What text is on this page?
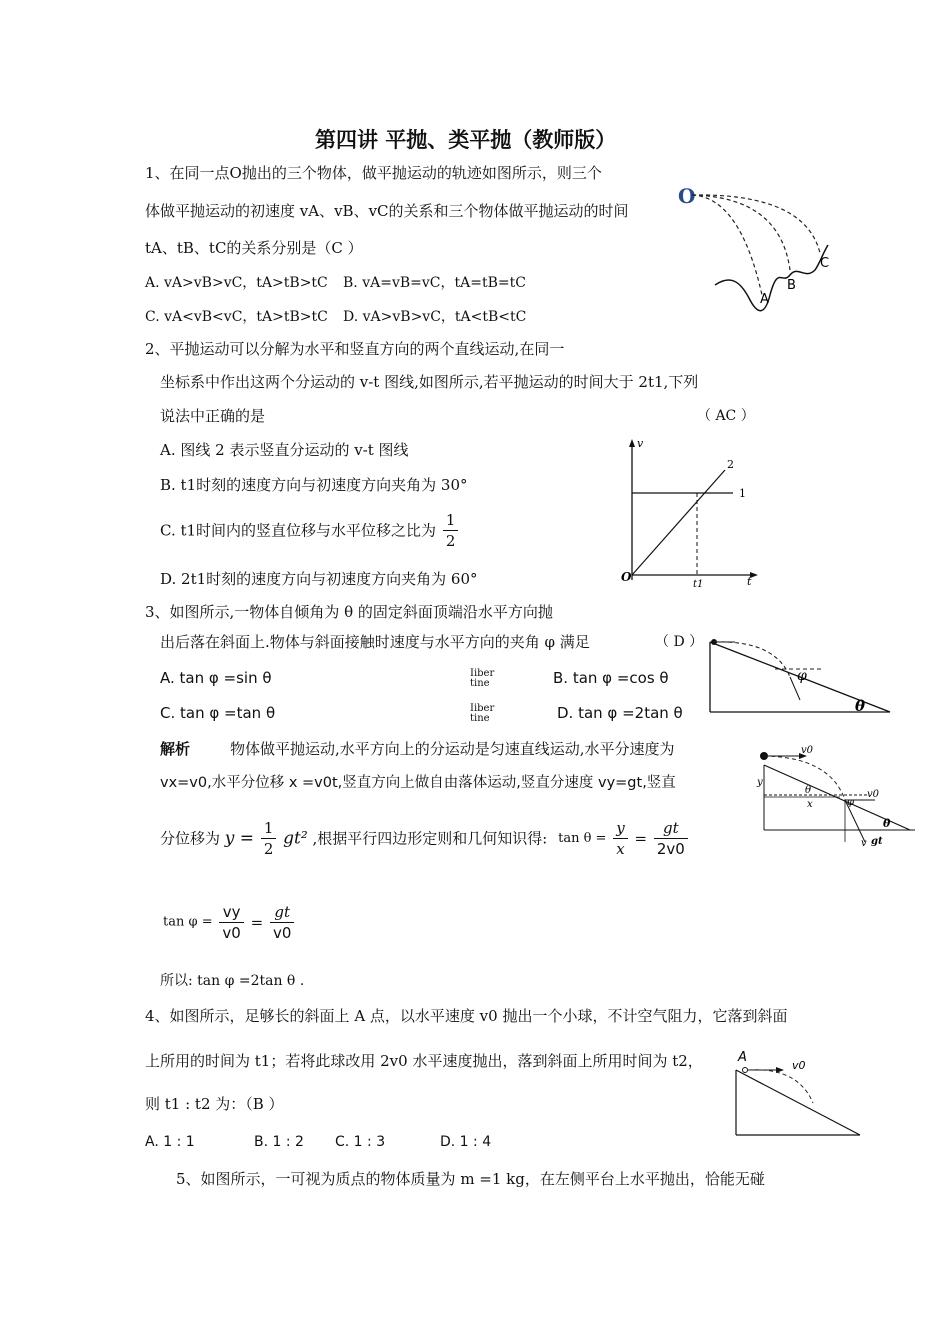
第四讲 平抛、类平抛（教师版）
1、在同一点O抛出的三个物体，做平抛运动的轨迹如图所示，则三个
体做平抛运动的初速度 vA、vB、vC的关系和三个物体做平抛运动的时间
tA、tB、tC的关系分别是（C ）
A. vA>vB>vC，tA>tB>tC B. vA=vB=vC，tA=tB=tC
C. vA<vB<vC，tA>tB>tC D. vA>vB>vC，tA<tB<tC
O
A
B
C
2、平抛运动可以分解为水平和竖直方向的两个直线运动,在同一
坐标系中作出这两个分运动的 v-t 图线,如图所示,若平抛运动的时间大于 2t1,下列
说法中正确的是	（ AC ）
A. 图线 2 表示竖直分运动的 v-t 图线
B. t1时刻的速度方向与初速度方向夹角为 30°
C. t1时间内的竖直位移与水平位移之比为 $\frac{1}{2}$
D. 2t1时刻的速度方向与初速度方向夹角为 60°
v
t
O
1
2
t1
3、如图所示,一物体自倾角为 θ 的固定斜面顶端沿水平方向抛
出后落在斜面上.物体与斜面接触时速度与水平方向的夹角 φ 满足	（ D ）
A. tan φ =sin θ	Iiber tine	B. tan φ =cos θ
C. tan φ =tan θ	Iiber tine	D. tan φ =2tan θ
φ
θ
解析	物体做平抛运动,水平方向上的分运动是匀速直线运动,水平分速度为
vx=v0,水平分位移 x =v0t,竖直方向上做自由落体运动,竖直分速度 vy=gt,竖直
分位移为 $y = \frac{1}{2} gt^2$ ,根据平行四边形定则和几何知识得: $\tan \theta = \frac{y}{x} = \frac{gt}{2v0}$
$\tan \varphi = \frac{vy}{v0} = \frac{gt}{v0}$
所以: tan φ =2tan θ .
v0
y
x
θ
θ
φ
v0
v gt
4、如图所示，足够长的斜面上 A 点，以水平速度 v0 抛出一个小球，不计空气阻力，它落到斜面
上所用的时间为 t1；若将此球改用 2v0 水平速度抛出，落到斜面上所用时间为 t2，
则 t1 : t2 为：（B ）
A. 1 : 1	B. 1 : 2 C. 1 : 3	D. 1 : 4
A
v0
5、如图所示，一可视为质点的物体质量为 m =1 kg，在左侧平台上水平抛出，恰能无碰
